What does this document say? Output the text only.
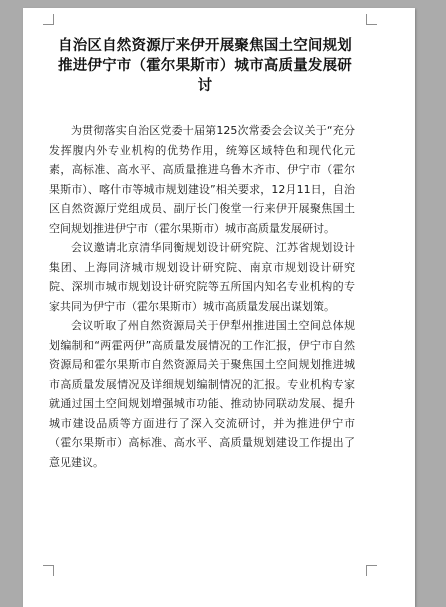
自治区自然资源厅来伊开展聚焦国土空间规划 推进伊宁市（霍尔果斯市）城市高质量发展研讨

为贯彻落实自治区党委十届第125次常委会会议关于“充分发挥腹内外专业机构的优势作用，统筹区域特色和现代化元素，高标准、高水平、高质量推进乌鲁木齐市、伊宁市（霍尔果斯市）、喀什市等城市规划建设”相关要求，12月11日，自治区自然资源厅党组成员、副厅长门俊堂一行来伊开展聚焦国土空间规划推进伊宁市（霍尔果斯市）城市高质量发展研讨。

会议邀请北京清华同衡规划设计研究院、江苏省规划设计集团、上海同济城市规划设计研究院、南京市规划设计研究院、深圳市城市规划设计研究院等五所国内知名专业机构的专家共同为伊宁市（霍尔果斯市）城市高质量发展出谋划策。

会议听取了州自然资源局关于伊犁州推进国土空间总体规划编制和“两霍两伊”高质量发展情况的工作汇报，伊宁市自然资源局和霍尔果斯市自然资源局关于聚焦国土空间规划推进城市高质量发展情况及详细规划编制情况的汇报。专业机构专家就通过国土空间规划增强城市功能、推动协同联动发展、提升城市建设品质等方面进行了深入交流研讨，并为推进伊宁市（霍尔果斯市）高标准、高水平、高质量规划建设工作提出了意见建议。
